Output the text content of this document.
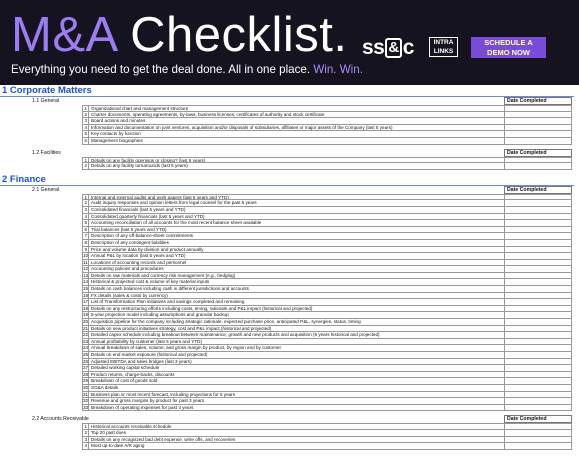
M&A Checklist.
Everything you need to get the deal done. All in one place. Win. Win.
ss & c	INTRA
LINKS
SCHEDULE A
DEMO NOW
1 Corporate Matters
1.1 General	Date Completed
1 Organizational chart and management structure
2 Charter documents, operating agreements, by-laws, business licenses, certificates of authority and stock certificate
3 Board actions and minutes
4 Information and documentation on joint ventures, acquisition and/or disposals of subsidiaries, affiliates or major assets of the Company (last 5 years)
5 Key contacts by function
6 Management biographies
1.2 Facilities	Date Completed
1 Details on any facility openings or closing? (last 5 years)
2 Details on any facility turnarounds (last 5 years)
2 Finance
2.1 General	Date Completed
1 Internal and external audits and work papers (last 5 years and YTD)
2 Audit inquiry responses and opinion letters from legal counsel for the past 5 years
3 Consolidated financials (last 5 years and YTD)
4 Consolidated quarterly financials (last 5 years and YTD)
5 Accounting reconciliation of all accounts for the most recent balance sheet available
6 Trial balances (last 5 years and YTD)
7 Description of any off-balance-sheet commitments
8 Description of any contingent liabilities
9 Price and volume data by division and product annually
10 Annual P&L by location (last 5 years and YTD)
11 Locations of accounting records and personnel
12 Accounting policies and procedures
13 Details on raw materials and currency risk management (e.g., hedging)
14 Historical & projected cost & volume of key material inputs
15 Details on cash balances including cash in different jurisdictions and accounts
16 FX details (sales & costs by currency)
17 List of Transformation Plan initiatives and savings completed and remaining
18 Details on any restructuring efforts including costs, timing, rationale and P&L impact (historical and projected)
19 5-year projection model including assumptions and granular backup
20 Acquisition pipeline for the company including strategic rationale, expected purchase price, anticipated P&L, synergies, status, timing
21 Details on new product initiatives strategy, cost and P&L impact (historical and projected)
22 Detailed capex schedule including breakout between maintenance, growth and new products and acquisition (5 years historical and projected)
23 Annual profitability by customer (last 5 years and YTD)
24 Annual breakdown of sales, volume, and gross margin by product, by region and by customer
25 Details on end market exposure (historical and projected)
26 Adjusted EBITDA and sales bridges (last 3 years)
27 Detailed working capital schedule
28 Product returns, charge-backs, discounts
29 Breakdown of cost of goods sold
30 SG&A details
31 Business plan or most recent forecast, including projections for 5 years
32 Revenue and gross margins by product for past 3 years
33 Breakdown of operating expenses for past 3 years
2.2 Accounts Receivable	Date Completed
1 Historical accounts receivable schedule
2 Top 20 past dues
3 Details on any recognized bad debt expense, write offs, and recoveries
4 Most up-to-date A/R aging
